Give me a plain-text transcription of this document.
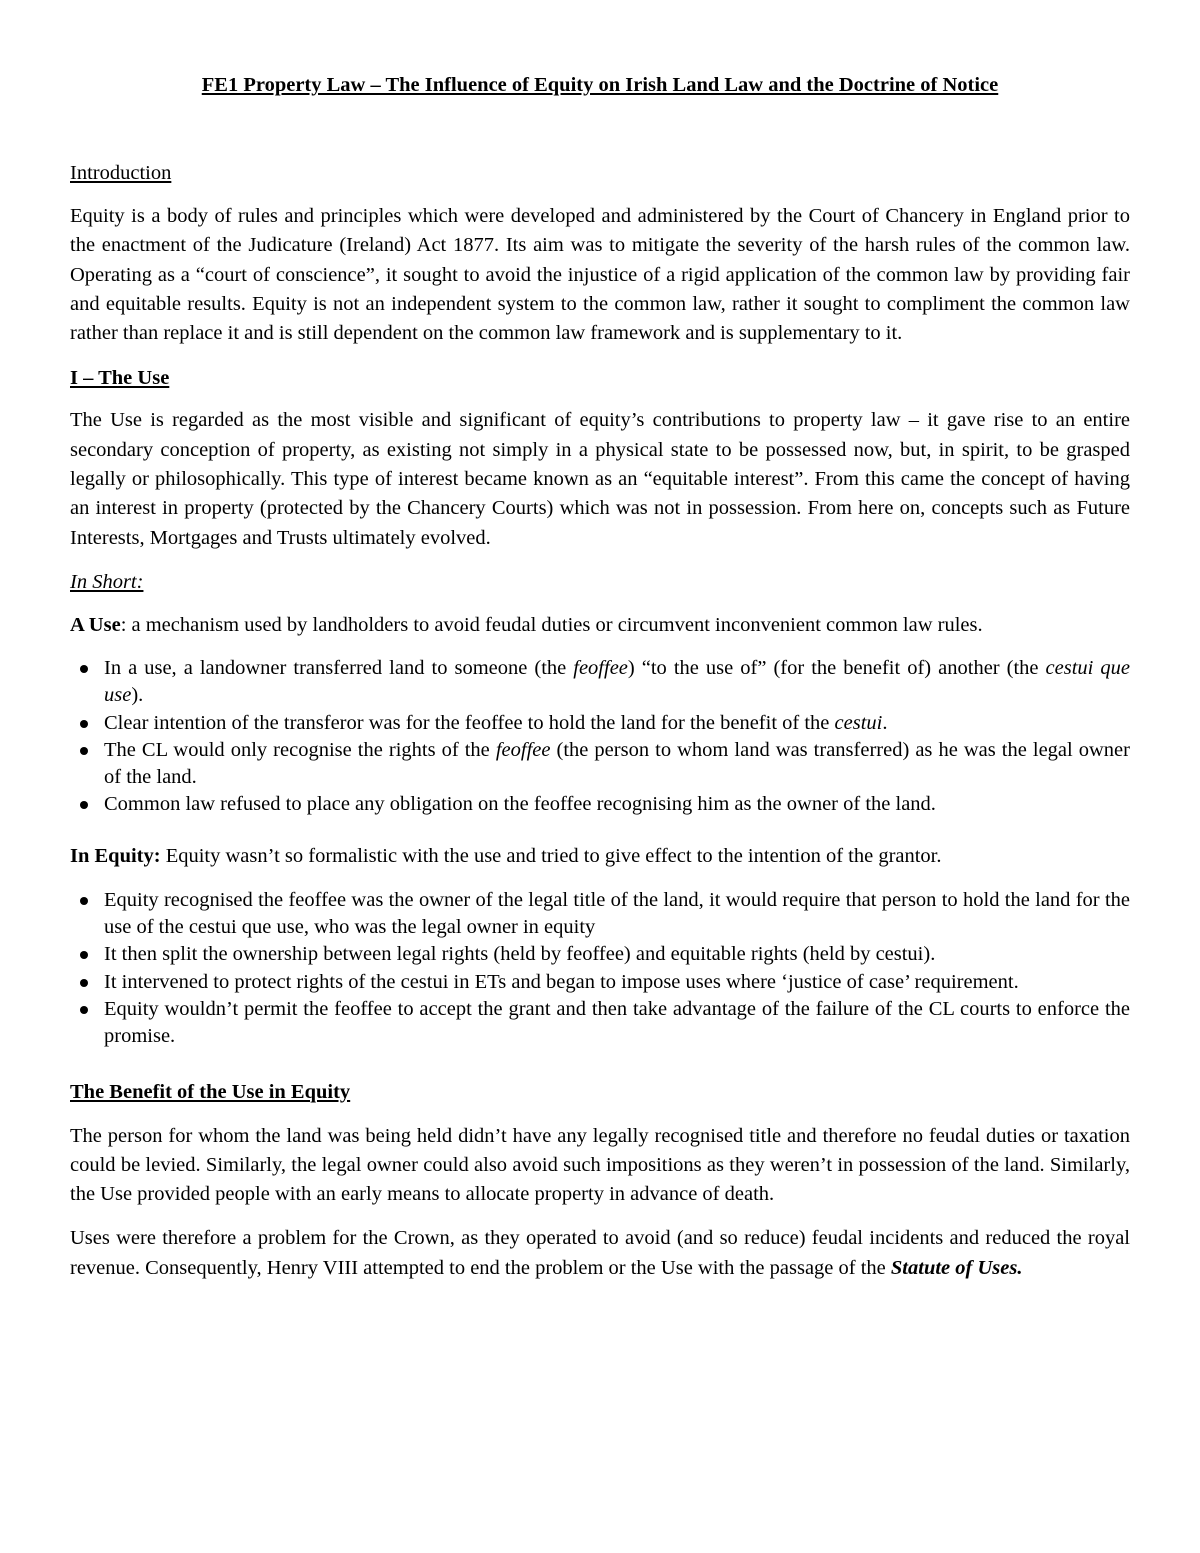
FE1 Property Law – The Influence of Equity on Irish Land Law and the Doctrine of Notice
Introduction

Equity is a body of rules and principles which were developed and administered by the Court of Chancery in England prior to the enactment of the Judicature (Ireland) Act 1877. Its aim was to mitigate the severity of the harsh rules of the common law. Operating as a “court of conscience”, it sought to avoid the injustice of a rigid application of the common law by providing fair and equitable results. Equity is not an independent system to the common law, rather it sought to compliment the common law rather than replace it and is still dependent on the common law framework and is supplementary to it.

I – The Use

The Use is regarded as the most visible and significant of equity’s contributions to property law – it gave rise to an entire secondary conception of property, as existing not simply in a physical state to be possessed now, but, in spirit, to be grasped legally or philosophically. This type of interest became known as an “equitable interest”. From this came the concept of having an interest in property (protected by the Chancery Courts) which was not in possession. From here on, concepts such as Future Interests, Mortgages and Trusts ultimately evolved.

In Short:
A Use: a mechanism used by landholders to avoid feudal duties or circumvent inconvenient common law rules.
In a use, a landowner transferred land to someone (the feoffee) “to the use of” (for the benefit of) another (the cestui que use).
Clear intention of the transferor was for the feoffee to hold the land for the benefit of the cestui.
The CL would only recognise the rights of the feoffee (the person to whom land was transferred) as he was the legal owner of the land.
Common law refused to place any obligation on the feoffee recognising him as the owner of the land.
In Equity: Equity wasn’t so formalistic with the use and tried to give effect to the intention of the grantor.
Equity recognised the feoffee was the owner of the legal title of the land, it would require that person to hold the land for the use of the cestui que use, who was the legal owner in equity
It then split the ownership between legal rights (held by feoffee) and equitable rights (held by cestui).
It intervened to protect rights of the cestui in ETs and began to impose uses where ‘justice of case’ requirement.
Equity wouldn’t permit the feoffee to accept the grant and then take advantage of the failure of the CL courts to enforce the promise.
The Benefit of the Use in Equity

The person for whom the land was being held didn’t have any legally recognised title and therefore no feudal duties or taxation could be levied. Similarly, the legal owner could also avoid such impositions as they weren’t in possession of the land. Similarly, the Use provided people with an early means to allocate property in advance of death.

Uses were therefore a problem for the Crown, as they operated to avoid (and so reduce) feudal incidents and reduced the royal revenue. Consequently, Henry VIII attempted to end the problem or the Use with the passage of the Statute of Uses.
